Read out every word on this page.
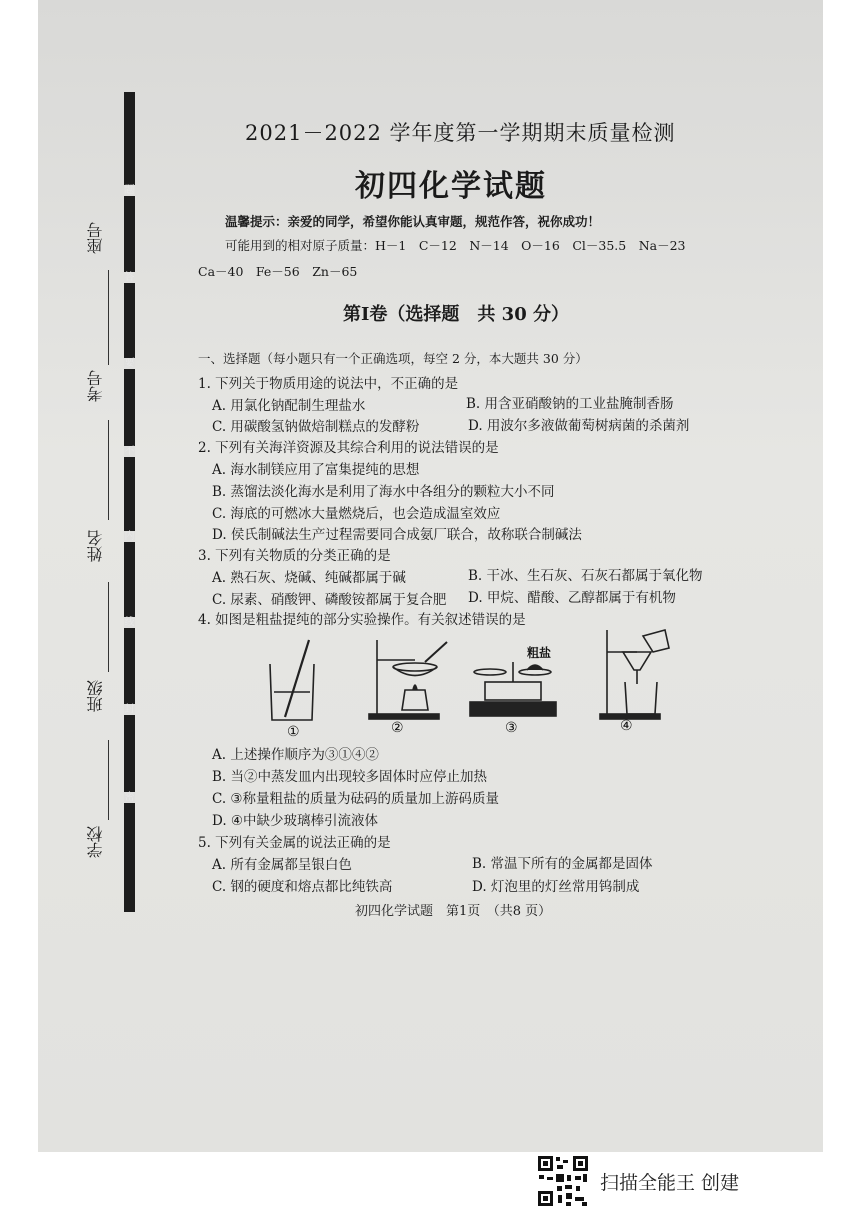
题
答
要
不
内
线
封
密
学校
班级
姓名
考号
座号
2021－2022 学年度第一学期期末质量检测
初四化学试题
温馨提示：亲爱的同学，希望你能认真审题，规范作答，祝你成功！
可能用到的相对原子质量：H－1　C－12　N－14　O－16　Cl－35.5　Na－23
Ca－40　Fe－56　Zn－65
第Ⅰ卷（选择题　共 30 分）
一、选择题（每小题只有一个正确选项，每空 2 分，本大题共 30 分）
1. 下列关于物质用途的说法中，不正确的是
A. 用氯化钠配制生理盐水	B. 用含亚硝酸钠的工业盐腌制香肠
C. 用碳酸氢钠做焙制糕点的发酵粉	D. 用波尔多液做葡萄树病菌的杀菌剂
2. 下列有关海洋资源及其综合利用的说法错误的是
A. 海水制镁应用了富集提纯的思想
B. 蒸馏法淡化海水是利用了海水中各组分的颗粒大小不同
C. 海底的可燃冰大量燃烧后，也会造成温室效应
D. 侯氏制碱法生产过程需要同合成氨厂联合，故称联合制碱法
3. 下列有关物质的分类正确的是
A. 熟石灰、烧碱、纯碱都属于碱	B. 干冰、生石灰、石灰石都属于氧化物
C. 尿素、硝酸钾、磷酸铵都属于复合肥 D. 甲烷、醋酸、乙醇都属于有机物
4. 如图是粗盐提纯的部分实验操作。有关叙述错误的是
①	②
粗盐
③	④
A. 上述操作顺序为③①④②
B. 当②中蒸发皿内出现较多固体时应停止加热
C. ③称量粗盐的质量为砝码的质量加上游码质量
D. ④中缺少玻璃棒引流液体
5. 下列有关金属的说法正确的是
A. 所有金属都呈银白色	B. 常温下所有的金属都是固体
C. 钢的硬度和熔点都比纯铁高	D. 灯泡里的灯丝常用钨制成
初四化学试题　第1页　（共8 页）
扫描全能王 创建
